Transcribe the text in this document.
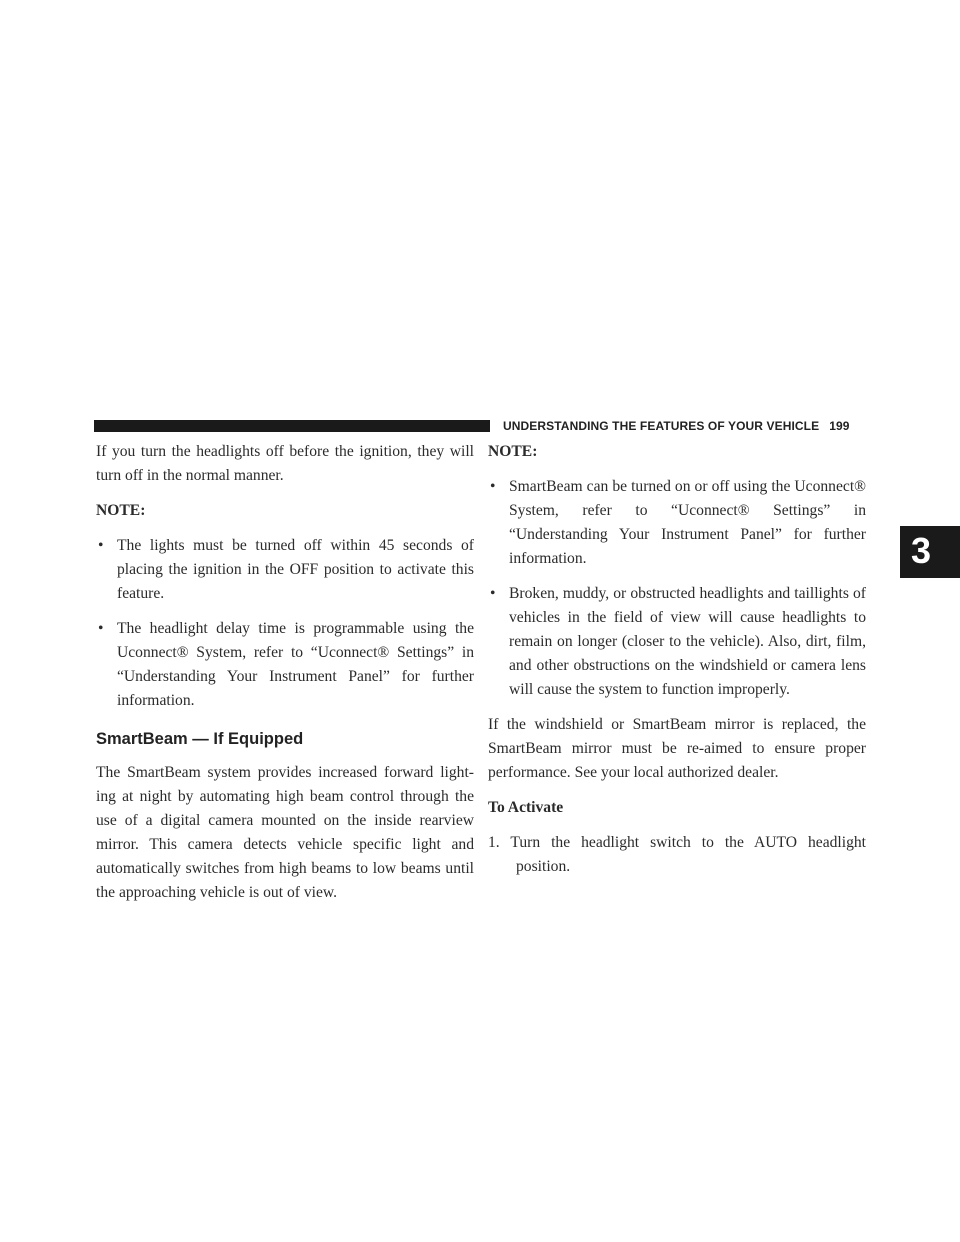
UNDERSTANDING THE FEATURES OF YOUR VEHICLE 199
3

If you turn the headlights off before the ignition, they will turn off in the normal manner.

NOTE:

• The lights must be turned off within 45 seconds of placing the ignition in the OFF position to activate this feature.
• The headlight delay time is programmable using the Uconnect® System, refer to “Uconnect® Settings” in “Understanding Your Instrument Panel” for further information.
SmartBeam — If Equipped

The SmartBeam system provides increased forward light- ing at night by automating high beam control through the use of a digital camera mounted on the inside rearview mirror. This camera detects vehicle specific light and automatically switches from high beams to low beams until the approaching vehicle is out of view.

NOTE:

• SmartBeam can be turned on or off using the Uconnect® System, refer to “Uconnect® Settings” in “Understanding Your Instrument Panel” for further information.
• Broken, muddy, or obstructed headlights and taillights of vehicles in the field of view will cause headlights to remain on longer (closer to the vehicle). Also, dirt, film, and other obstructions on the windshield or camera lens will cause the system to function improperly.

If the windshield or SmartBeam mirror is replaced, the SmartBeam mirror must be re-aimed to ensure proper performance. See your local authorized dealer.

To Activate

1. Turn the headlight switch to the AUTO headlight position.
